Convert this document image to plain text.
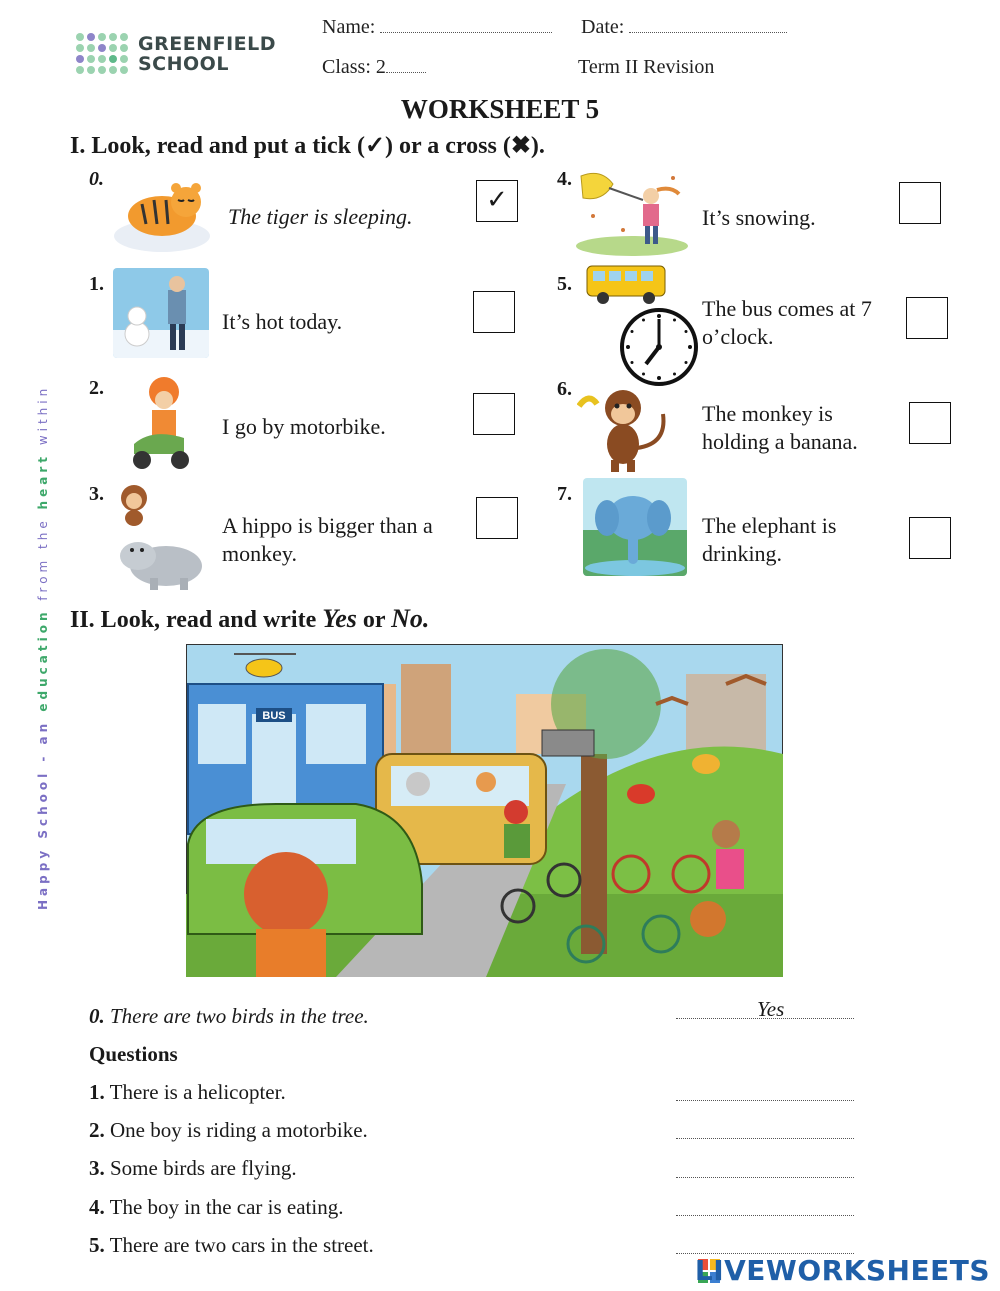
GREENFIELD
SCHOOL
Name:	Date:
Class: 2	Term II Revision
WORKSHEET 5
I. Look, read and put a tick (✓) or a cross (✖).
0.
The tiger is sleeping.
✓
1.
It’s hot today.
2.
I go by motorbike.
3.
A hippo is bigger than a monkey.
4.
It’s snowing.
5.
The bus comes at 7 o’clock.
6.
The monkey is holding a banana.
7.
The elephant is drinking.
II. Look, read and write Yes or No.
BUS
0. There are two birds in the tree.	Yes
Questions
1. There is a helicopter.
2. One boy is riding a motorbike.
3. Some birds are flying.
4. The boy in the car is eating.
5. There are two cars in the street.
Happy School - an education from the heart within
LIVEWORKSHEETS
